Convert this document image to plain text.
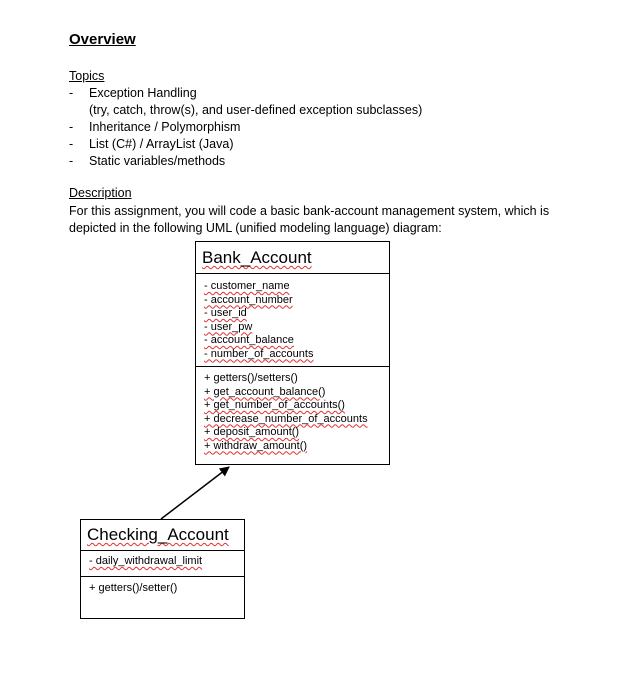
Overview
Topics
- Exception Handling
(try, catch, throw(s), and user-defined exception subclasses)
- Inheritance / Polymorphism
- List (C#) / ArrayList (Java)
- Static variables/methods
Description
For this assignment, you will code a basic bank-account management system, which is depicted in the following UML (unified modeling language) diagram:
Bank_Account
- customer_name
- account_number
- user_id
- user_pw
- account_balance
- number_of_accounts
+ getters()/setters()
+ get_account_balance()
+ get_number_of_accounts()
+ decrease_number_of_accounts
+ deposit_amount()
+ withdraw_amount()
Checking_Account
- daily_withdrawal_limit
+ getters()/setter()
